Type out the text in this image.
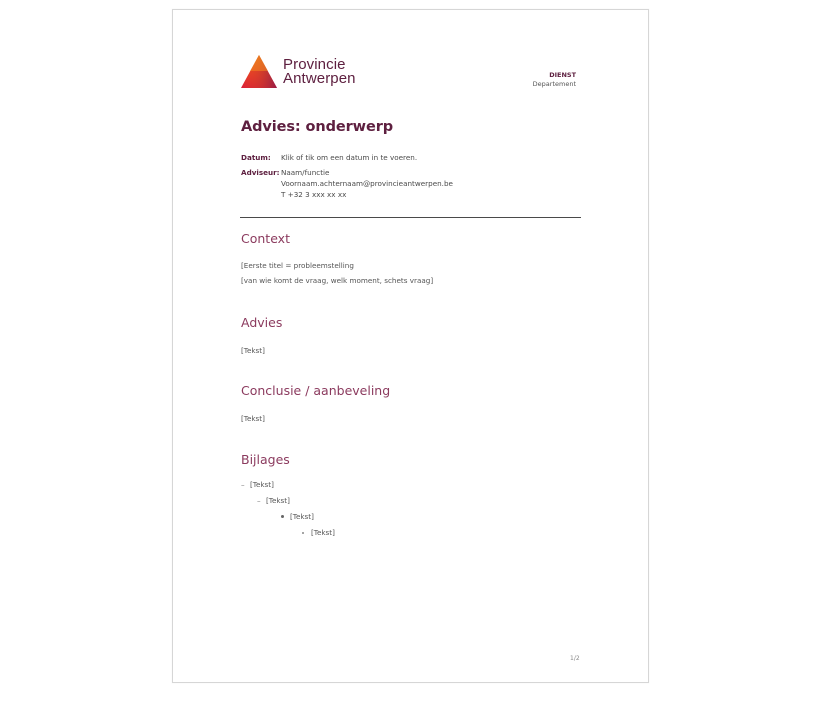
Provincie
Antwerpen	DIENST
Departement
Advies: onderwerp
Datum:	Klik of tik om een datum in te voeren.
Adviseur: Naam/functie
Voornaam.achternaam@provincieantwerpen.be
T +32 3 xxx xx xx
Context
[Eerste titel = probleemstelling
[van wie komt de vraag, welk moment, schets vraag]
Advies
[Tekst]
Conclusie / aanbeveling
[Tekst]
Bijlages
– [Tekst]
– [Tekst]
[Tekst]
[Tekst]
1/2
